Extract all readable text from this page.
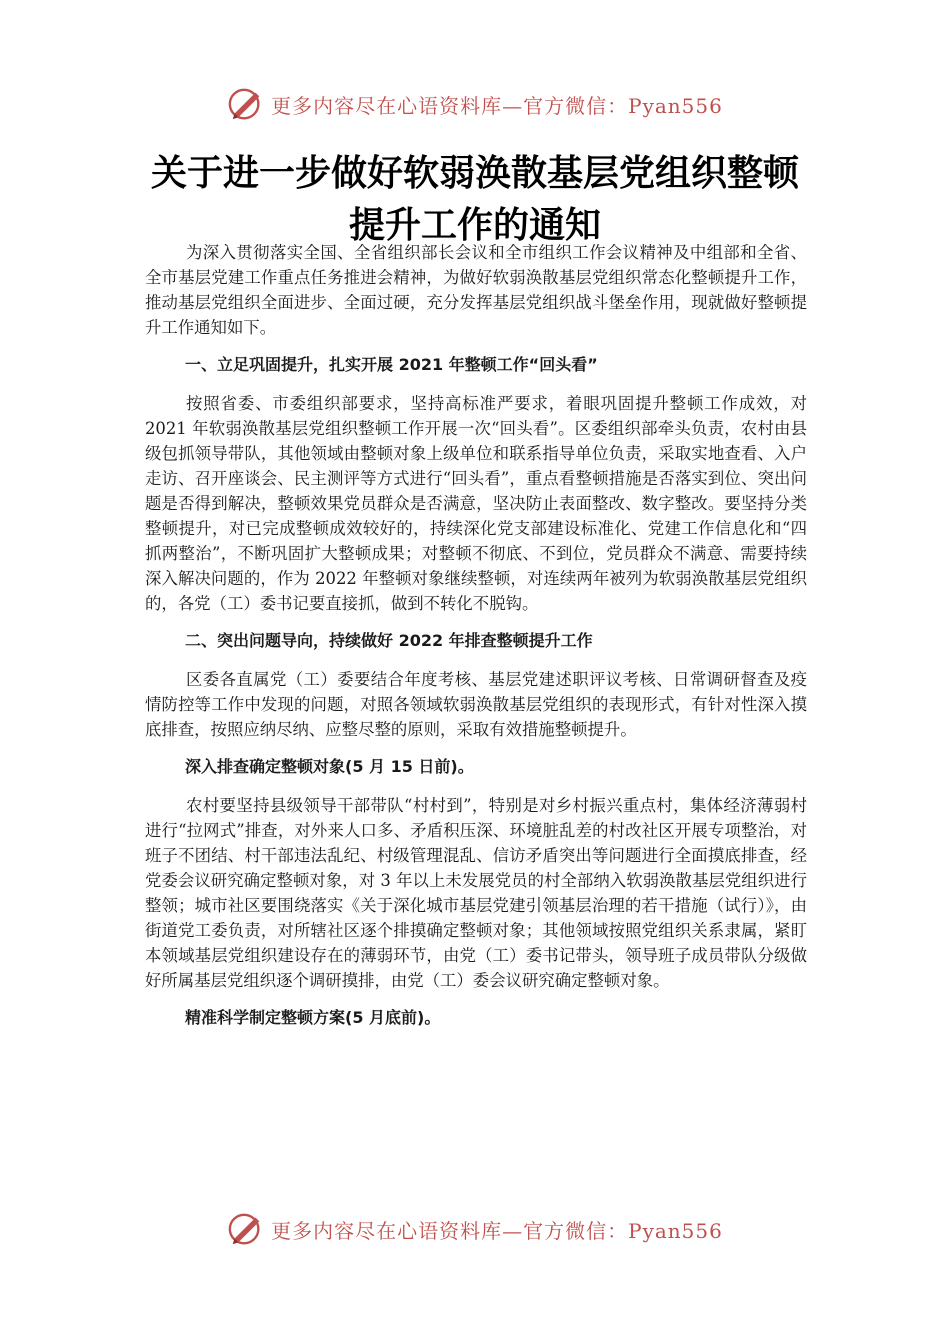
更多内容尽在心语资料库—官方微信：Pyan556
关于进一步做好软弱涣散基层党组织整顿
提升工作的通知

为深入贯彻落实全国、全省组织部长会议和全市组织工作会议精神及中组部和全省、全市基层党建工作重点任务推进会精神，为做好软弱涣散基层党组织常态化整顿提升工作，推动基层党组织全面进步、全面过硬，充分发挥基层党组织战斗堡垒作用，现就做好整顿提升工作通知如下。

一、立足巩固提升，扎实开展 2021 年整顿工作“回头看”

按照省委、市委组织部要求，坚持高标准严要求，着眼巩固提升整顿工作成效，对 2021 年软弱涣散基层党组织整顿工作开展一次“回头看”。区委组织部牵头负责，农村由县级包抓领导带队，其他领域由整顿对象上级单位和联系指导单位负责，采取实地查看、入户走访、召开座谈会、民主测评等方式进行“回头看”，重点看整顿措施是否落实到位、突出问题是否得到解决，整顿效果党员群众是否满意，坚决防止表面整改、数字整改。要坚持分类整顿提升，对已完成整顿成效较好的，持续深化党支部建设标准化、党建工作信息化和“四抓两整治”，不断巩固扩大整顿成果；对整顿不彻底、不到位，党员群众不满意、需要持续深入解决问题的，作为 2022 年整顿对象继续整顿，对连续两年被列为软弱涣散基层党组织的，各党（工）委书记要直接抓，做到不转化不脱钩。

二、突出问题导向，持续做好 2022 年排查整顿提升工作

区委各直属党（工）委要结合年度考核、基层党建述职评议考核、日常调研督查及疫情防控等工作中发现的问题，对照各领域软弱涣散基层党组织的表现形式，有针对性深入摸底排查，按照应纳尽纳、应整尽整的原则，采取有效措施整顿提升。

深入排查确定整顿对象(5 月 15 日前)。

农村要坚持县级领导干部带队“村村到”，特别是对乡村振兴重点村，集体经济薄弱村进行“拉网式”排查，对外来人口多、矛盾积压深、环境脏乱差的村改社区开展专项整治，对班子不团结、村干部违法乱纪、村级管理混乱、信访矛盾突出等问题进行全面摸底排查，经党委会议研究确定整顿对象，对 3 年以上未发展党员的村全部纳入软弱涣散基层党组织进行整领；城市社区要围绕落实《关于深化城市基层党建引领基层治理的若干措施（试行）》，由街道党工委负责，对所辖社区逐个排摸确定整顿对象；其他领域按照党组织关系隶属，紧盯本领域基层党组织建设存在的薄弱环节，由党（工）委书记带头，领导班子成员带队分级做好所属基层党组织逐个调研摸排，由党（工）委会议研究确定整顿对象。

精准科学制定整顿方案(5 月底前)。

更多内容尽在心语资料库—官方微信：Pyan556
